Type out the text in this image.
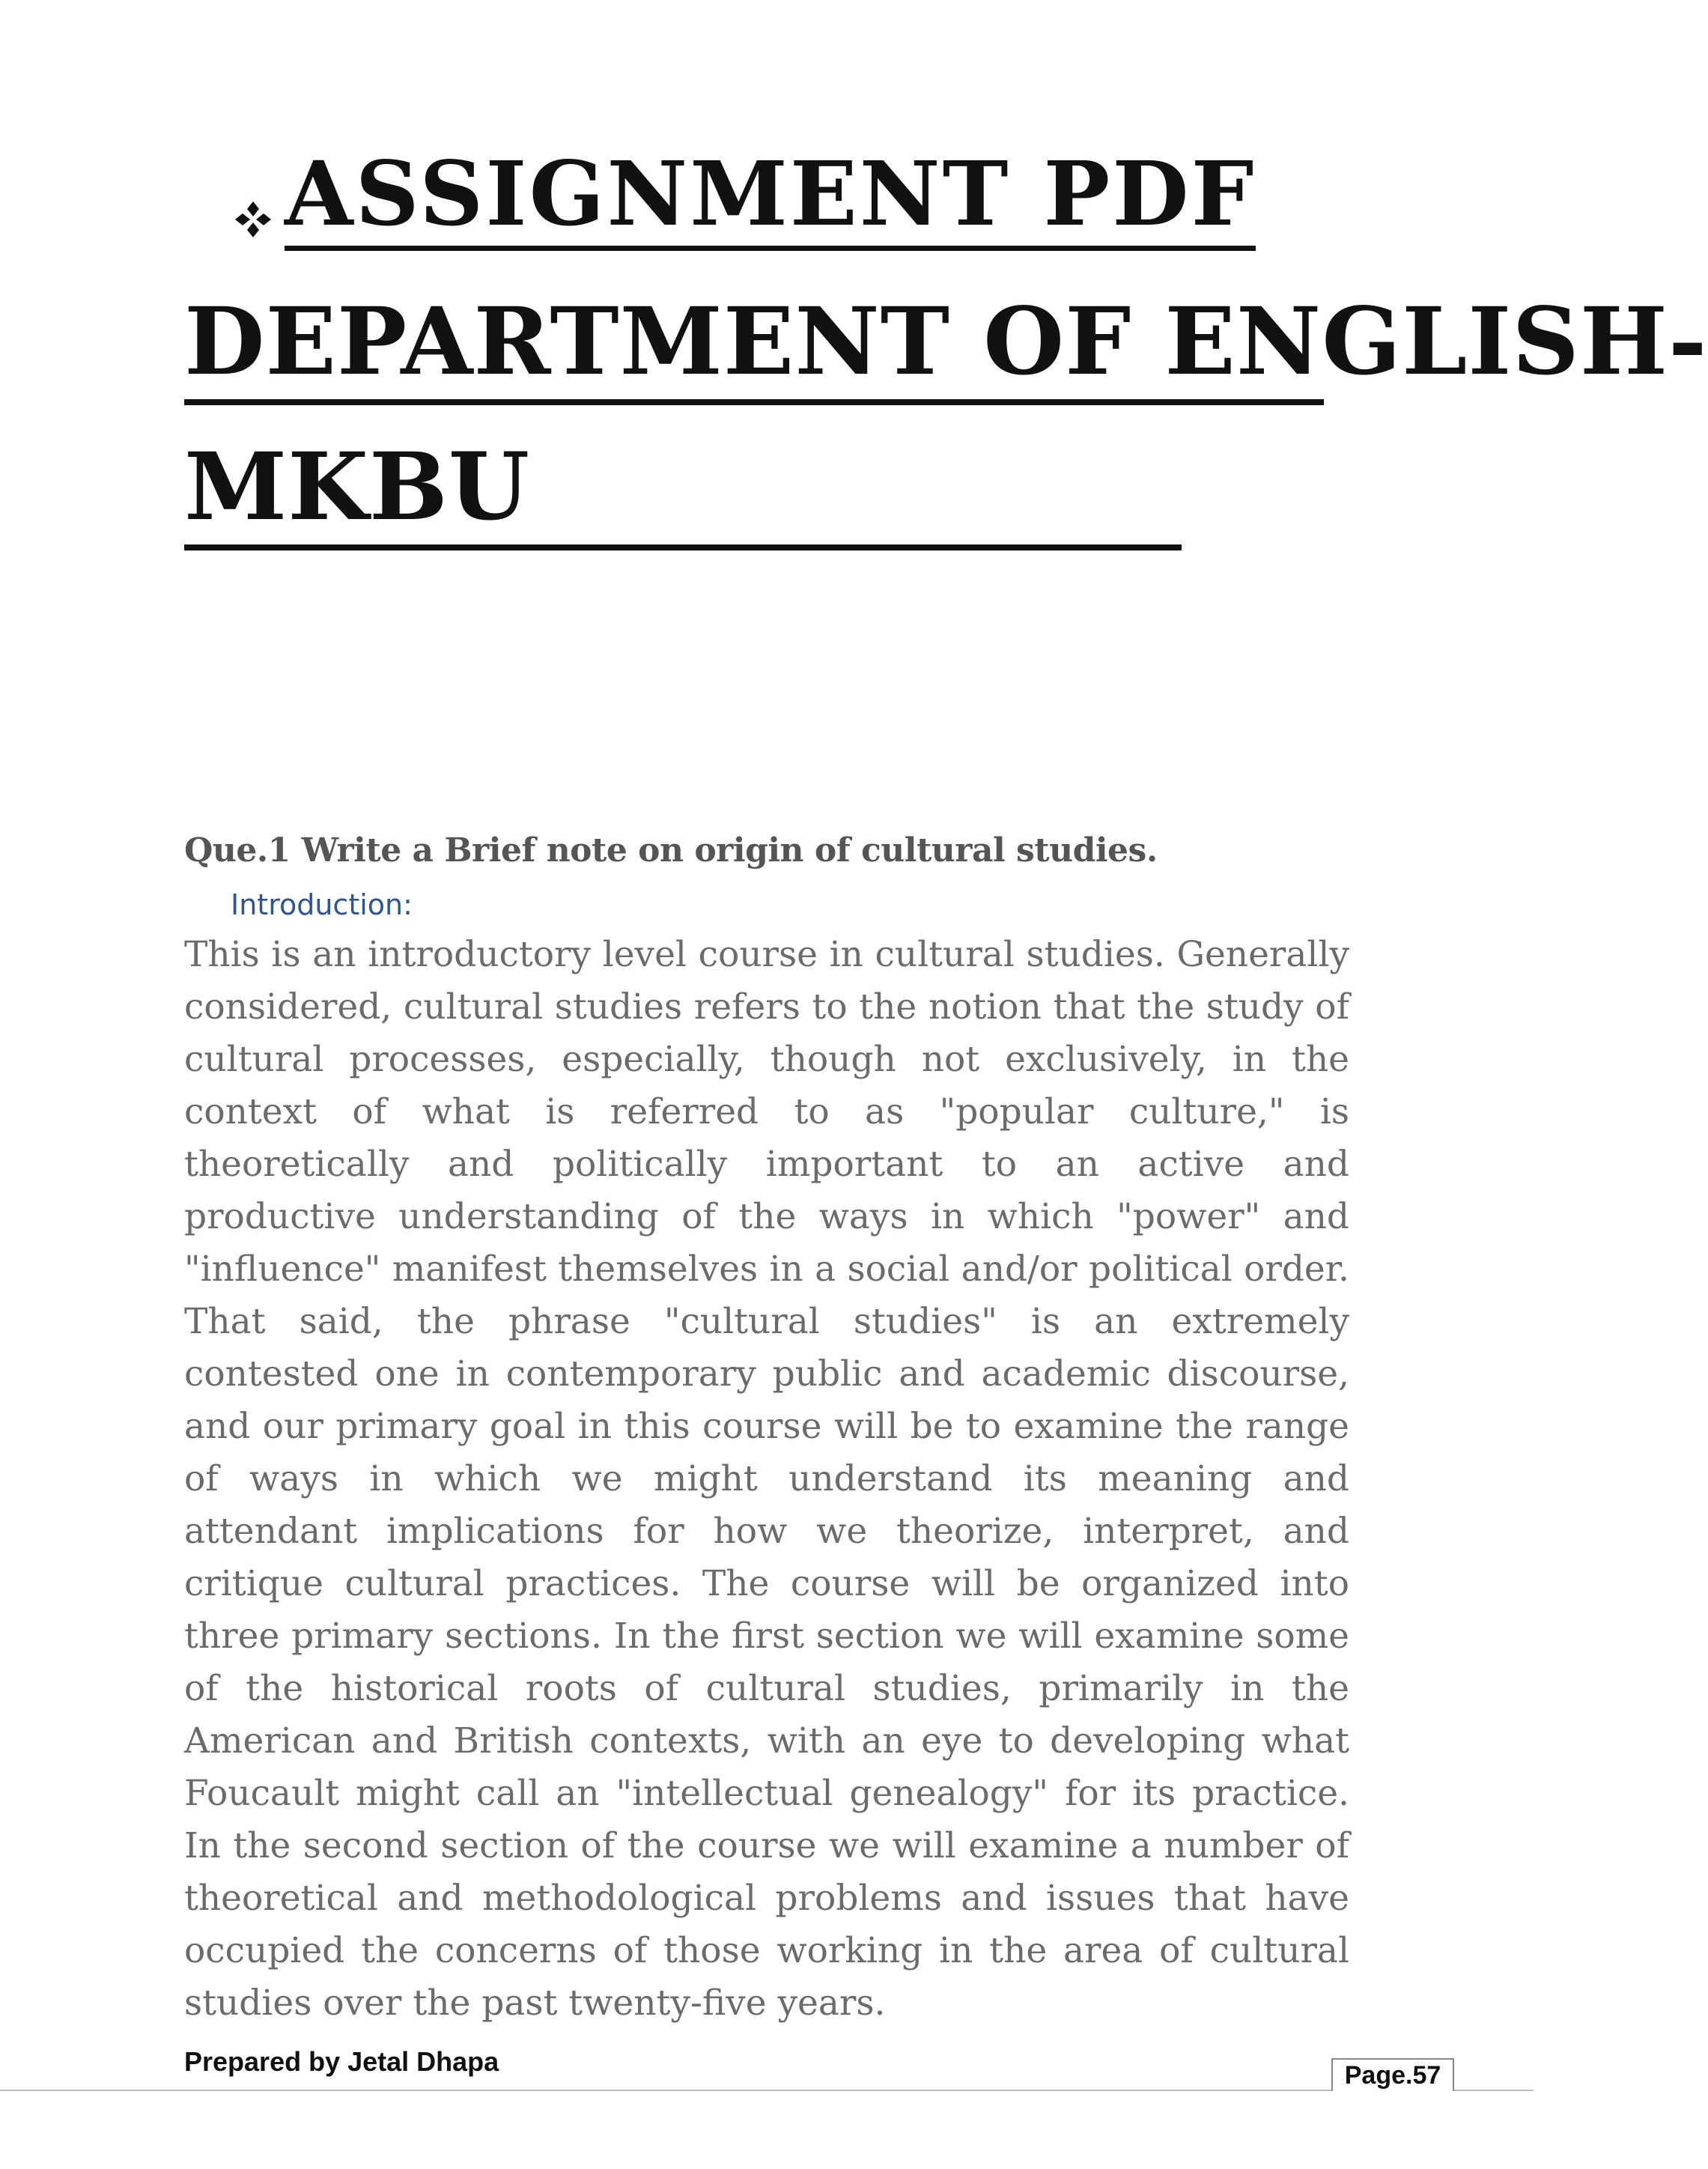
ASSIGNMENT PDF
DEPARTMENT OF ENGLISH-
MKBU
Que.1 Write a Brief note on origin of cultural studies.
Introduction:

This is an introductory level course in cultural studies. Generally considered, cultural studies refers to the notion that the study of cultural processes, especially, though not exclusively, in the context of what is referred to as "popular culture," is theoretically and politically important to an active and productive understanding of the ways in which "power" and "influence" manifest themselves in a social and/or political order. That said, the phrase "cultural studies" is an extremely contested one in contemporary public and academic discourse, and our primary goal in this course will be to examine the range of ways in which we might understand its meaning and attendant implications for how we theorize, interpret, and critique cultural practices. The course will be organized into three primary sections. In the first section we will examine some of the historical roots of cultural studies, primarily in the American and British contexts, with an eye to developing what Foucault might call an "intellectual genealogy" for its practice. In the second section of the course we will examine a number of theoretical and methodological problems and issues that have occupied the concerns of those working in the area of cultural studies over the past twenty-five years.

Prepared by Jetal Dhapa	Page.57
